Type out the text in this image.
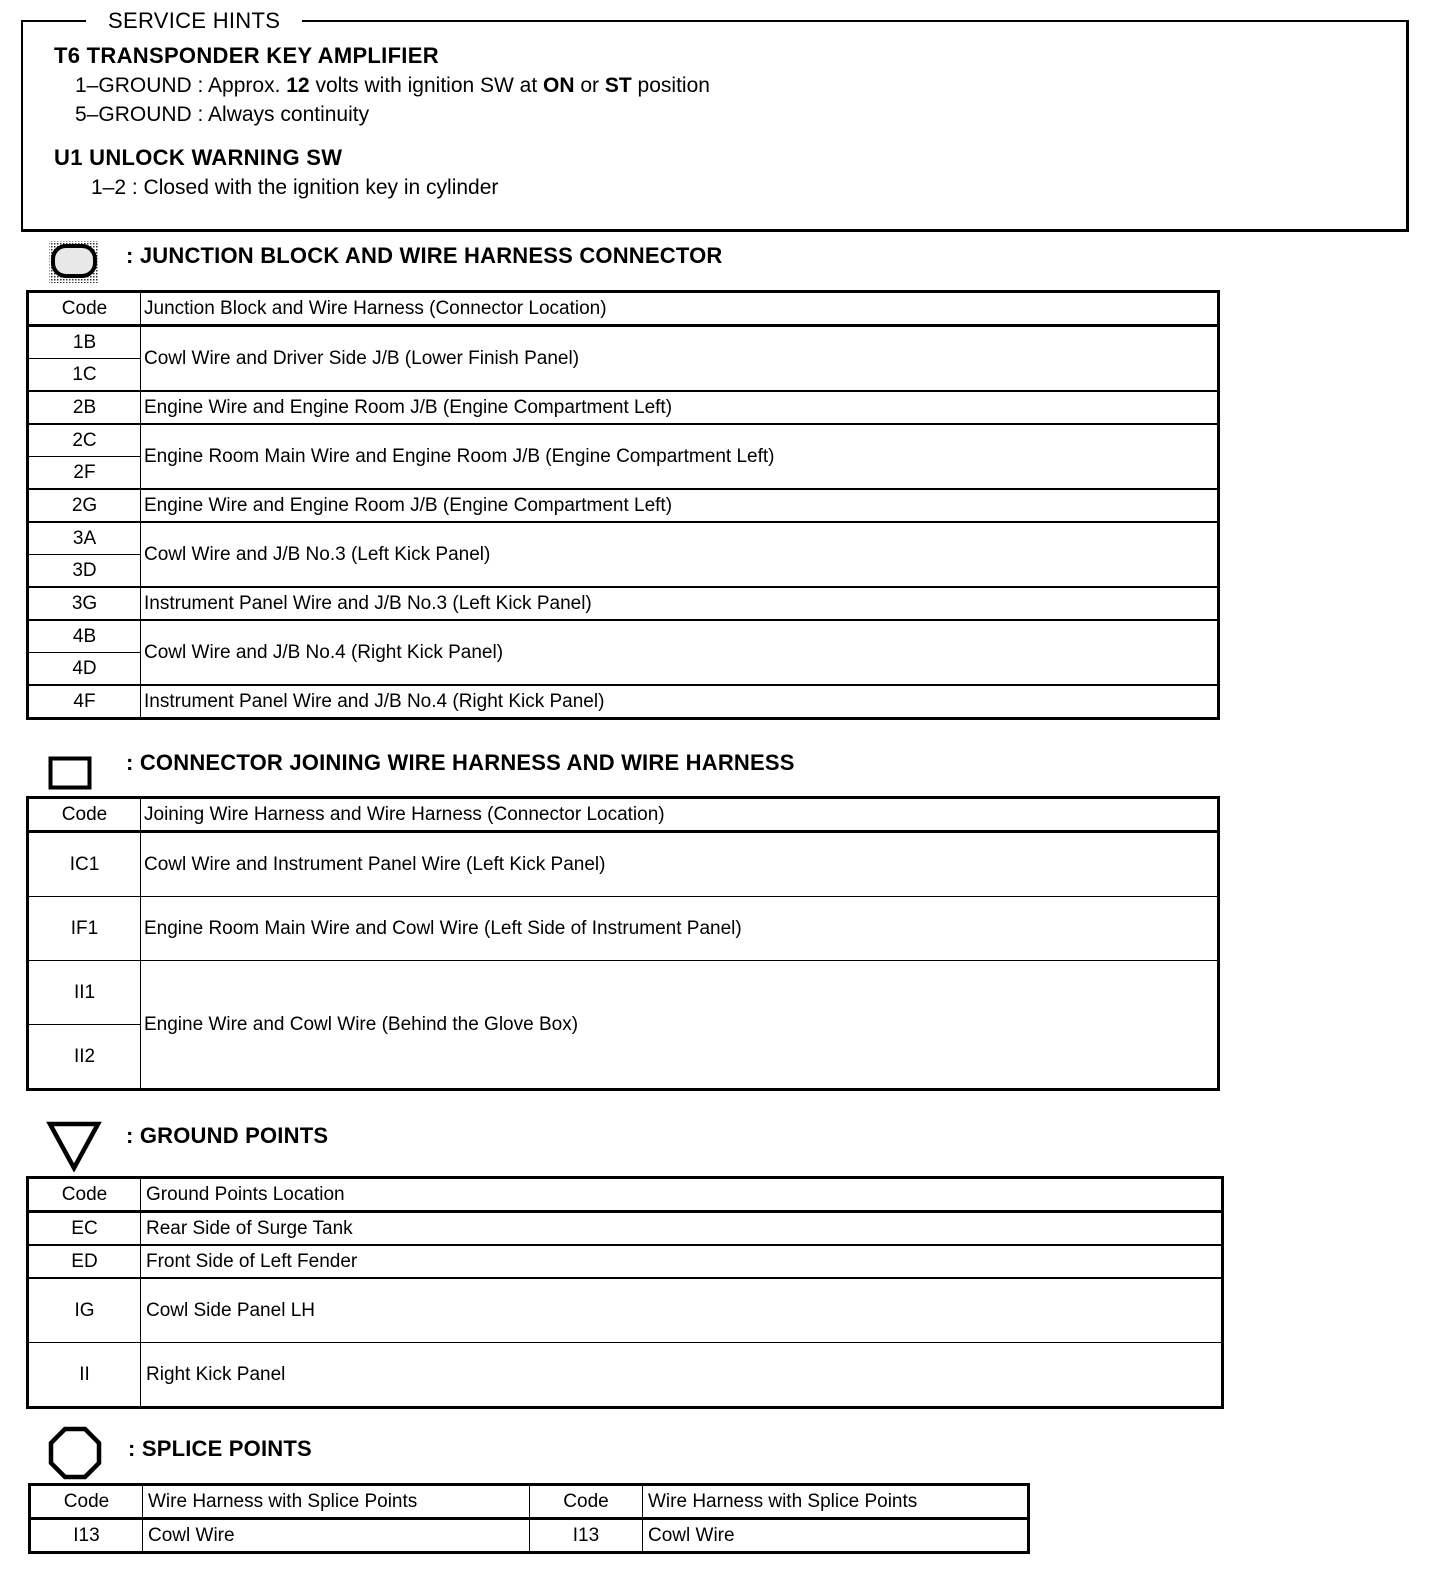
SERVICE HINTS
T6 TRANSPONDER KEY AMPLIFIER
1–GROUND : Approx. 12 volts with ignition SW at ON or ST position
5–GROUND : Always continuity
U1 UNLOCK WARNING SW
1–2 : Closed with the ignition key in cylinder
: JUNCTION BLOCK AND WIRE HARNESS CONNECTOR
Code	Junction Block and Wire Harness (Connector Location)
1B	Cowl Wire and Driver Side J/B (Lower Finish Panel)
1C	
2B	Engine Wire and Engine Room J/B (Engine Compartment Left)
2C	Engine Room Main Wire and Engine Room J/B (Engine Compartment Left)
2F	
2G	Engine Wire and Engine Room J/B (Engine Compartment Left)
3A	Cowl Wire and J/B No.3 (Left Kick Panel)
3D	
3G	Instrument Panel Wire and J/B No.3 (Left Kick Panel)
4B	Cowl Wire and J/B No.4 (Right Kick Panel)
4D	
4F	Instrument Panel Wire and J/B No.4 (Right Kick Panel)
: CONNECTOR JOINING WIRE HARNESS AND WIRE HARNESS
Code	Joining Wire Harness and Wire Harness (Connector Location)
IC1	Cowl Wire and Instrument Panel Wire (Left Kick Panel)
IF1	Engine Room Main Wire and Cowl Wire (Left Side of Instrument Panel)
II1	Engine Wire and Cowl Wire (Behind the Glove Box)
II2	
: GROUND POINTS
Code	Ground Points Location
EC	Rear Side of Surge Tank
ED	Front Side of Left Fender
IG	Cowl Side Panel LH
II	Right Kick Panel
: SPLICE POINTS
Code	Wire Harness with Splice Points	Code	Wire Harness with Splice Points
I13	Cowl Wire	I13	Cowl Wire
